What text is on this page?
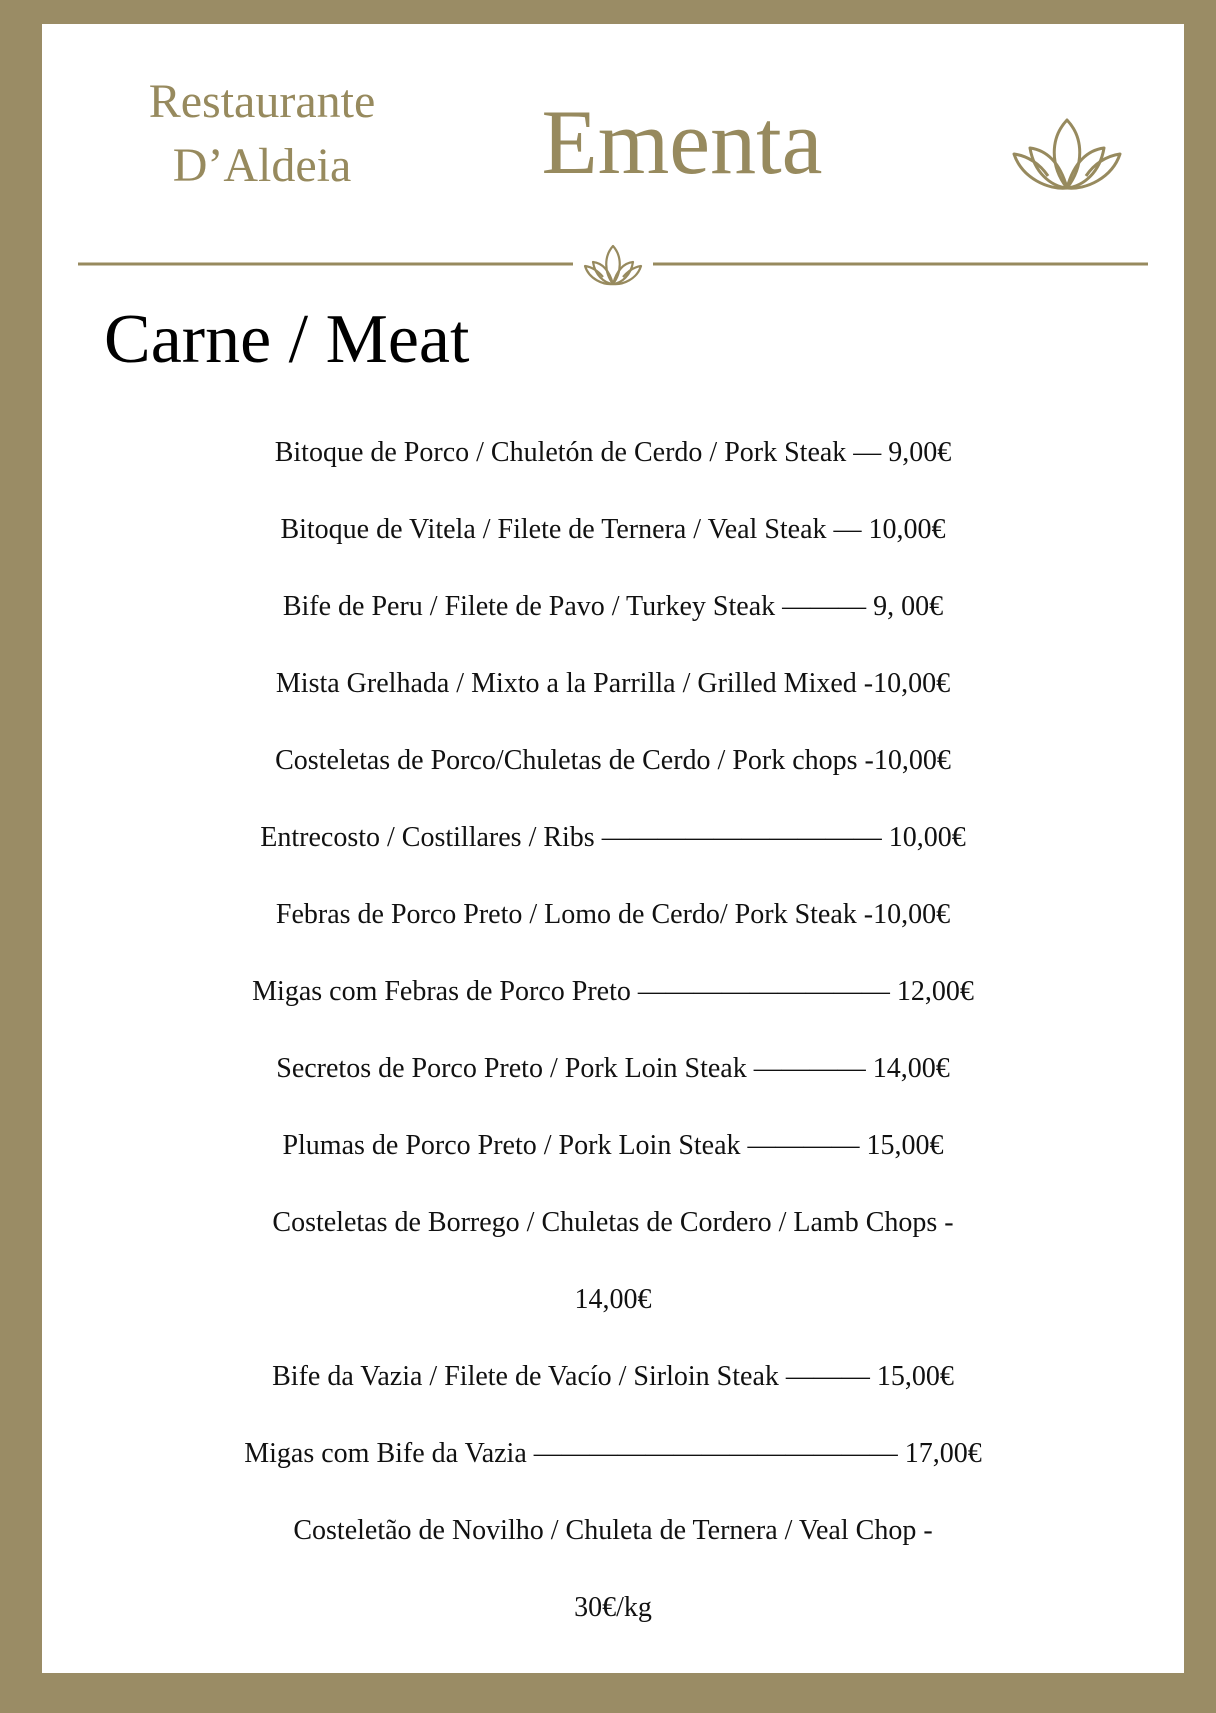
Restaurante
D’Aldeia	Ementa
Carne / Meat
Bitoque de Porco / Chuletón de Cerdo / Pork Steak — 9,00€
Bitoque de Vitela / Filete de Ternera / Veal Steak — 10,00€
Bife de Peru / Filete de Pavo / Turkey Steak ——— 9, 00€
Mista Grelhada / Mixto a la Parrilla / Grilled Mixed -10,00€
Costeletas de Porco/Chuletas de Cerdo / Pork chops -10,00€
Entrecosto / Costillares / Ribs —————————— 10,00€
Febras de Porco Preto / Lomo de Cerdo/ Pork Steak -10,00€
Migas com Febras de Porco Preto ————————— 12,00€
Secretos de Porco Preto / Pork Loin Steak ———— 14,00€
Plumas de Porco Preto / Pork Loin Steak ———— 15,00€
Costeletas de Borrego / Chuletas de Cordero / Lamb Chops -
14,00€
Bife da Vazia / Filete de Vacío / Sirloin Steak ——— 15,00€
Migas com Bife da Vazia ————————————— 17,00€
Costeletão de Novilho / Chuleta de Ternera / Veal Chop -
30€/kg
